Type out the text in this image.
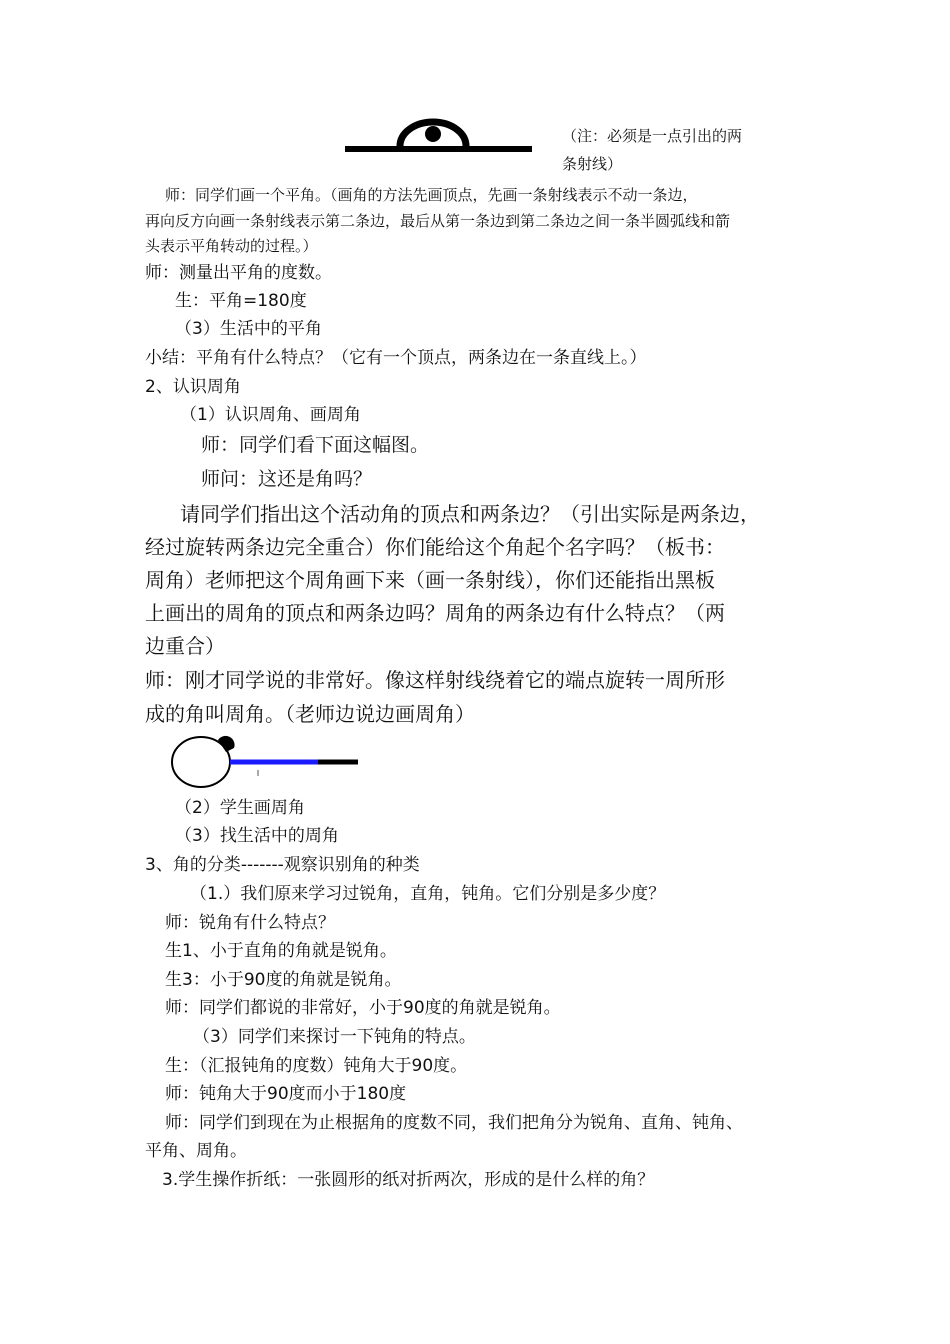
（注：必须是一点引出的两
条射线）
师：同学们画一个平角。（画角的方法先画顶点，先画一条射线表示不动一条边，
再向反方向画一条射线表示第二条边，最后从第一条边到第二条边之间一条半圆弧线和箭
头表示平角转动的过程。）
师：测量出平角的度数。
生：平角=180度
（3）生活中的平角
小结：平角有什么特点？（它有一个顶点，两条边在一条直线上。）
2、认识周角
（1）认识周角、画周角
师：同学们看下面这幅图。
师问：这还是角吗？
请同学们指出这个活动角的顶点和两条边？（引出实际是两条边，
经过旋转两条边完全重合）你们能给这个角起个名字吗？（板书：
周角）老师把这个周角画下来（画一条射线），你们还能指出黑板
上画出的周角的顶点和两条边吗？周角的两条边有什么特点？（两
边重合）
师：刚才同学说的非常好。像这样射线绕着它的端点旋转一周所形
成的角叫周角。（老师边说边画周角）
（2）学生画周角
（3）找生活中的周角
3、角的分类-------观察识别角的种类
（1.）我们原来学习过锐角，直角，钝角。它们分别是多少度？
师：锐角有什么特点？
生1、小于直角的角就是锐角。
生3：小于90度的角就是锐角。
师：同学们都说的非常好，小于90度的角就是锐角。
（3）同学们来探讨一下钝角的特点。
生：（汇报钝角的度数）钝角大于90度。
师：钝角大于90度而小于180度
师：同学们到现在为止根据角的度数不同，我们把角分为锐角、直角、钝角、
平角、周角。
3.学生操作折纸：一张圆形的纸对折两次，形成的是什么样的角？
